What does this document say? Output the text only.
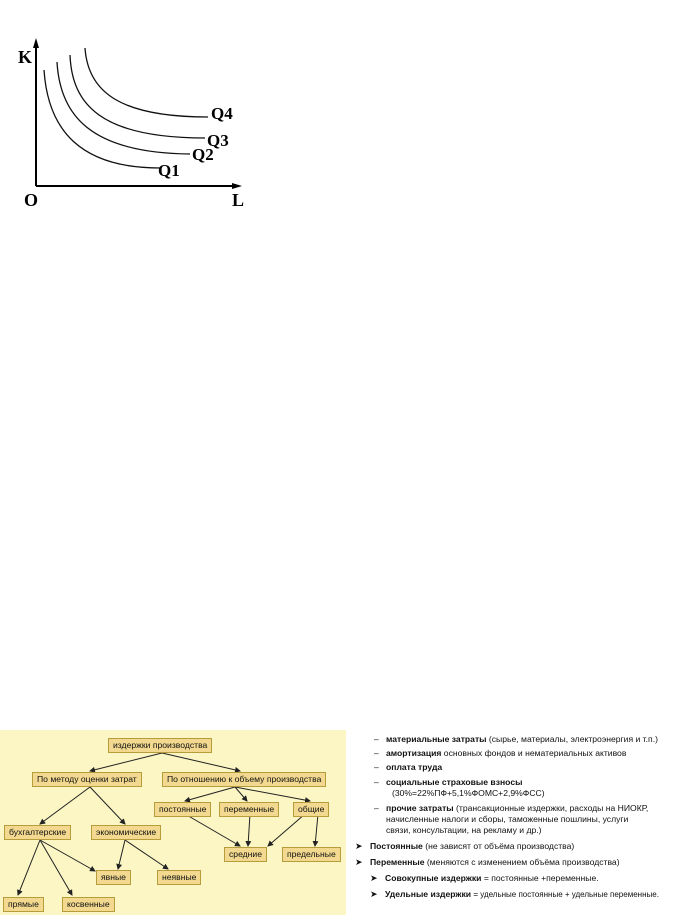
K
L
O
Q1
Q2
Q3
Q4
издержки производства
По методу оценки затрат	По отношению к объему производства
бухгалтерские	экономические
постоянные	переменные	общие
явные	неявные
средние	предельные
прямые	косвенные
– материальные затраты (сырье, материалы, электроэнергия и т.п.)
– амортизация основных фондов и нематериальных активов
– оплата труда
– социальные страховые взносы
(30%=22%ПФ+5,1%ФОМС+2,9%ФСС)
– прочие затраты (трансакционные издержки, расходы на НИОКР,
начисленные налоги и сборы, таможенные пошлины, услуги
связи, консультации, на рекламу и др.)
➤ Постоянные (не зависят от объёма производства)
➤ Переменные (меняются с изменением объёма производства)
➤ Совокупные издержки = постоянные +переменные.
➤ Удельные издержки = удельные постоянные + удельные переменные.
